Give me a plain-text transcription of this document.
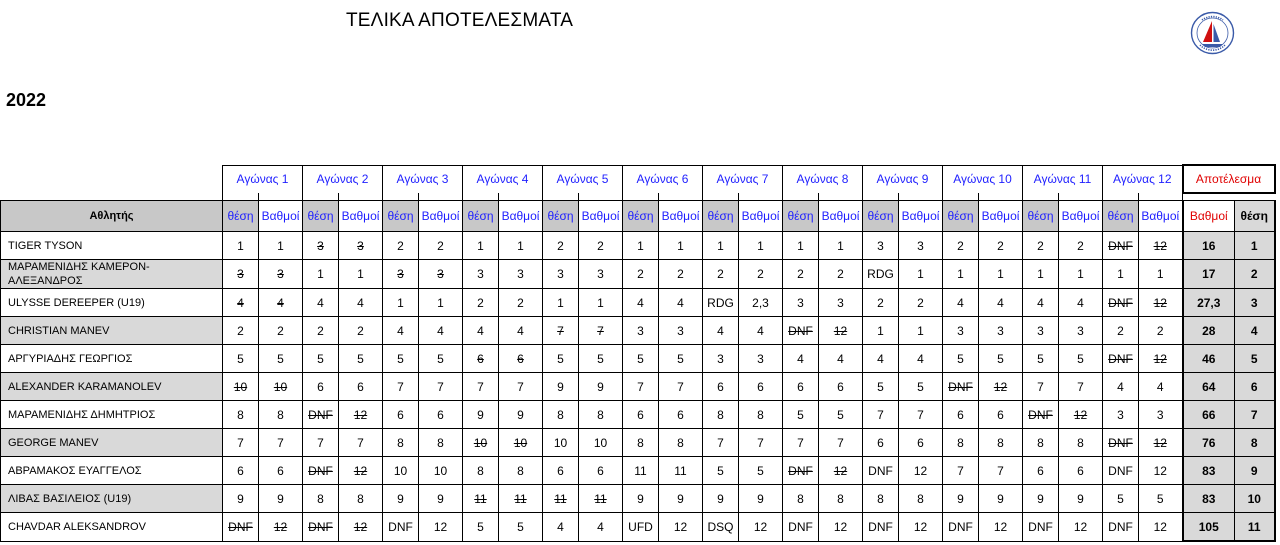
ΤΕΛΙΚΑ ΑΠΟΤΕΛΕΣΜΑΤΑ
2022
	Αγώνας 1		Αγώνας 2		Αγώνας 3		Αγώνας 4		Αγώνας 5		Αγώνας 6		Αγώνας 7		Αγώνας 8		Αγώνας 9		Αγώνας 10		Αγώνας 11		Αγώνας 12		Αποτέλεσμα	

Αθλητής	θέση	Βαθμοί	θέση	Βαθμοί	θέση	Βαθμοί	θέση	Βαθμοί	θέση	Βαθμοί	θέση	Βαθμοί	θέση	Βαθμοί	θέση	Βαθμοί	θέση	Βαθμοί	θέση	Βαθμοί	θέση	Βαθμοί	θέση	Βαθμοί	Βαθμοί	θέση
TIGER TYSON	1	1	3	3	2	2	1	1	2	2	1	1	1	1	1	1	3	3	2	2	2	2	DNF	12	16	1
ΜΑΡΑΜΕΝΙΔΗΣ ΚΑΜΕΡΟΝ-ΑΛΕΞΑΝΔΡΟΣ	3	3	1	1	3	3	3	3	3	3	2	2	2	2	2	2	RDG	1	1	1	1	1	1	1	17	2
ULYSSE DEREEPER (U19)	4	4	4	4	1	1	2	2	1	1	4	4	RDG	2,3	3	3	2	2	4	4	4	4	DNF	12	27,3	3
CHRISTIAN MANEV	2	2	2	2	4	4	4	4	7	7	3	3	4	4	DNF	12	1	1	3	3	3	3	2	2	28	4
ΑΡΓΥΡΙΑΔΗΣ ΓΕΩΡΓΙΟΣ	5	5	5	5	5	5	6	6	5	5	5	5	3	3	4	4	4	4	5	5	5	5	DNF	12	46	5
ALEXANDER KARAMANOLEV	10	10	6	6	7	7	7	7	9	9	7	7	6	6	6	6	5	5	DNF	12	7	7	4	4	64	6
ΜΑΡΑΜΕΝΙΔΗΣ ΔΗΜΗΤΡΙΟΣ	8	8	DNF	12	6	6	9	9	8	8	6	6	8	8	5	5	7	7	6	6	DNF	12	3	3	66	7
GEORGE MANEV	7	7	7	7	8	8	10	10	10	10	8	8	7	7	7	7	6	6	8	8	8	8	DNF	12	76	8
ΑΒΡΑΜΑΚΟΣ ΕΥΑΓΓΕΛΟΣ	6	6	DNF	12	10	10	8	8	6	6	11	11	5	5	DNF	12	DNF	12	7	7	6	6	DNF	12	83	9
ΛΙΒΑΣ ΒΑΣΙΛΕΙΟΣ (U19)	9	9	8	8	9	9	11	11	11	11	9	9	9	9	8	8	8	8	9	9	9	9	5	5	83	10
CHAVDAR ALEKSANDROV	DNF	12	DNF	12	DNF	12	5	5	4	4	UFD	12	DSQ	12	DNF	12	DNF	12	DNF	12	DNF	12	DNF	12	105	11
